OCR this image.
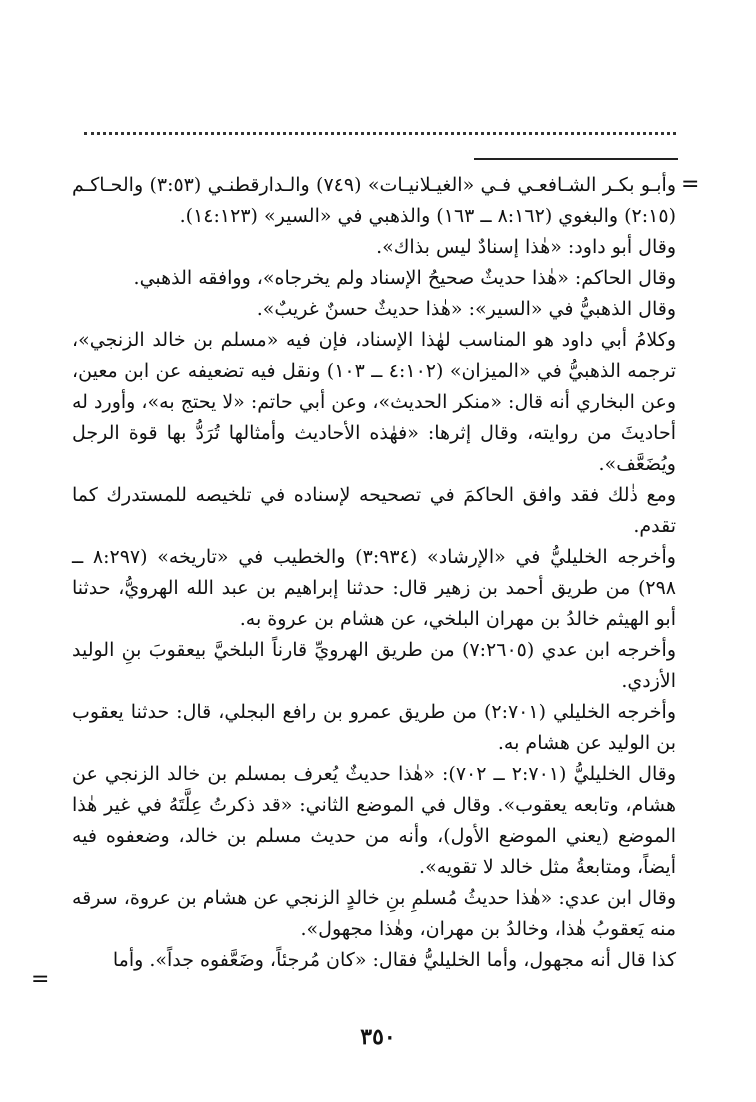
=

وأبـو بكـر الشـافعـي فـي «الغيـلانيـات» (٧٤٩) والـدارقطنـي (٣:٥٣) والحـاكـم (٢:١٥) والبغوي (٨:١٦٢ ــ ١٦٣) والذهبي في «السير» (١٤:١٢٣).

وقال أبو داود: «هٰذا إسنادٌ ليس بذاك».

وقال الحاكم: «هٰذا حديثٌ صحيحُ الإسناد ولم يخرجاه»، ووافقه الذهبي.

وقال الذهبيُّ في «السير»: «هٰذا حديثٌ حسنٌ غريبٌ».

وكلامُ أبي داود هو المناسب لهٰذا الإسناد، فإن فيه «مسلم بن خالد الزنجي»، ترجمه الذهبيُّ في «الميزان» (٤:١٠٢ ــ ١٠٣) ونقل فيه تضعيفه عن ابن معين، وعن البخاري أنه قال: «منكر الحديث»، وعن أبي حاتم: «لا يحتج به»، وأورد له أحاديثَ من روايته، وقال إثرها: «فهٰذه الأحاديث وأمثالها تُرَدُّ بها قوة الرجل ويُضَعَّف».

ومع ذٰلك فقد وافق الحاكمَ في تصحيحه لإسناده في تلخيصه للمستدرك كما تقدم.

وأخرجه الخليليُّ في «الإرشاد» (٣:٩٣٤) والخطيب في «تاريخه» (٨:٢٩٧ ــ ٢٩٨) من طريق أحمد بن زهير قال: حدثنا إبراهيم بن عبد الله الهرويُّ، حدثنا أبو الهيثم خالدُ بن مهران البلخي، عن هشام بن عروة به.

وأخرجه ابن عدي (٧:٢٦٠٥) من طريق الهرويِّ قارناً البلخيَّ بيعقوبَ بنِ الوليد الأزدي.

وأخرجه الخليلي (٢:٧٠١) من طريق عمرو بن رافع البجلي، قال: حدثنا يعقوب بن الوليد عن هشام به.

وقال الخليليُّ (٢:٧٠١ ــ ٧٠٢): «هٰذا حديثٌ يُعرف بمسلم بن خالد الزنجي عن هشام، وتابعه يعقوب». وقال في الموضع الثاني: «قد ذكرتُ عِلَّتَهُ في غير هٰذا الموضع (يعني الموضع الأول)، وأنه من حديث مسلم بن خالد، وضعفوه فيه أيضاً، ومتابعةُ مثل خالد لا تقويه».

وقال ابن عدي: «هٰذا حديثُ مُسلمِ بنِ خالدٍ الزنجي عن هشام بن عروة، سرقه منه يَعقوبُ هٰذا، وخالدُ بن مهران، وهٰذا مجهول».

كذا قال أنه مجهول، وأما الخليليُّ فقال: «كان مُرجئاً، وضَعَّفوه جداً». وأما

=
٣٥٠
